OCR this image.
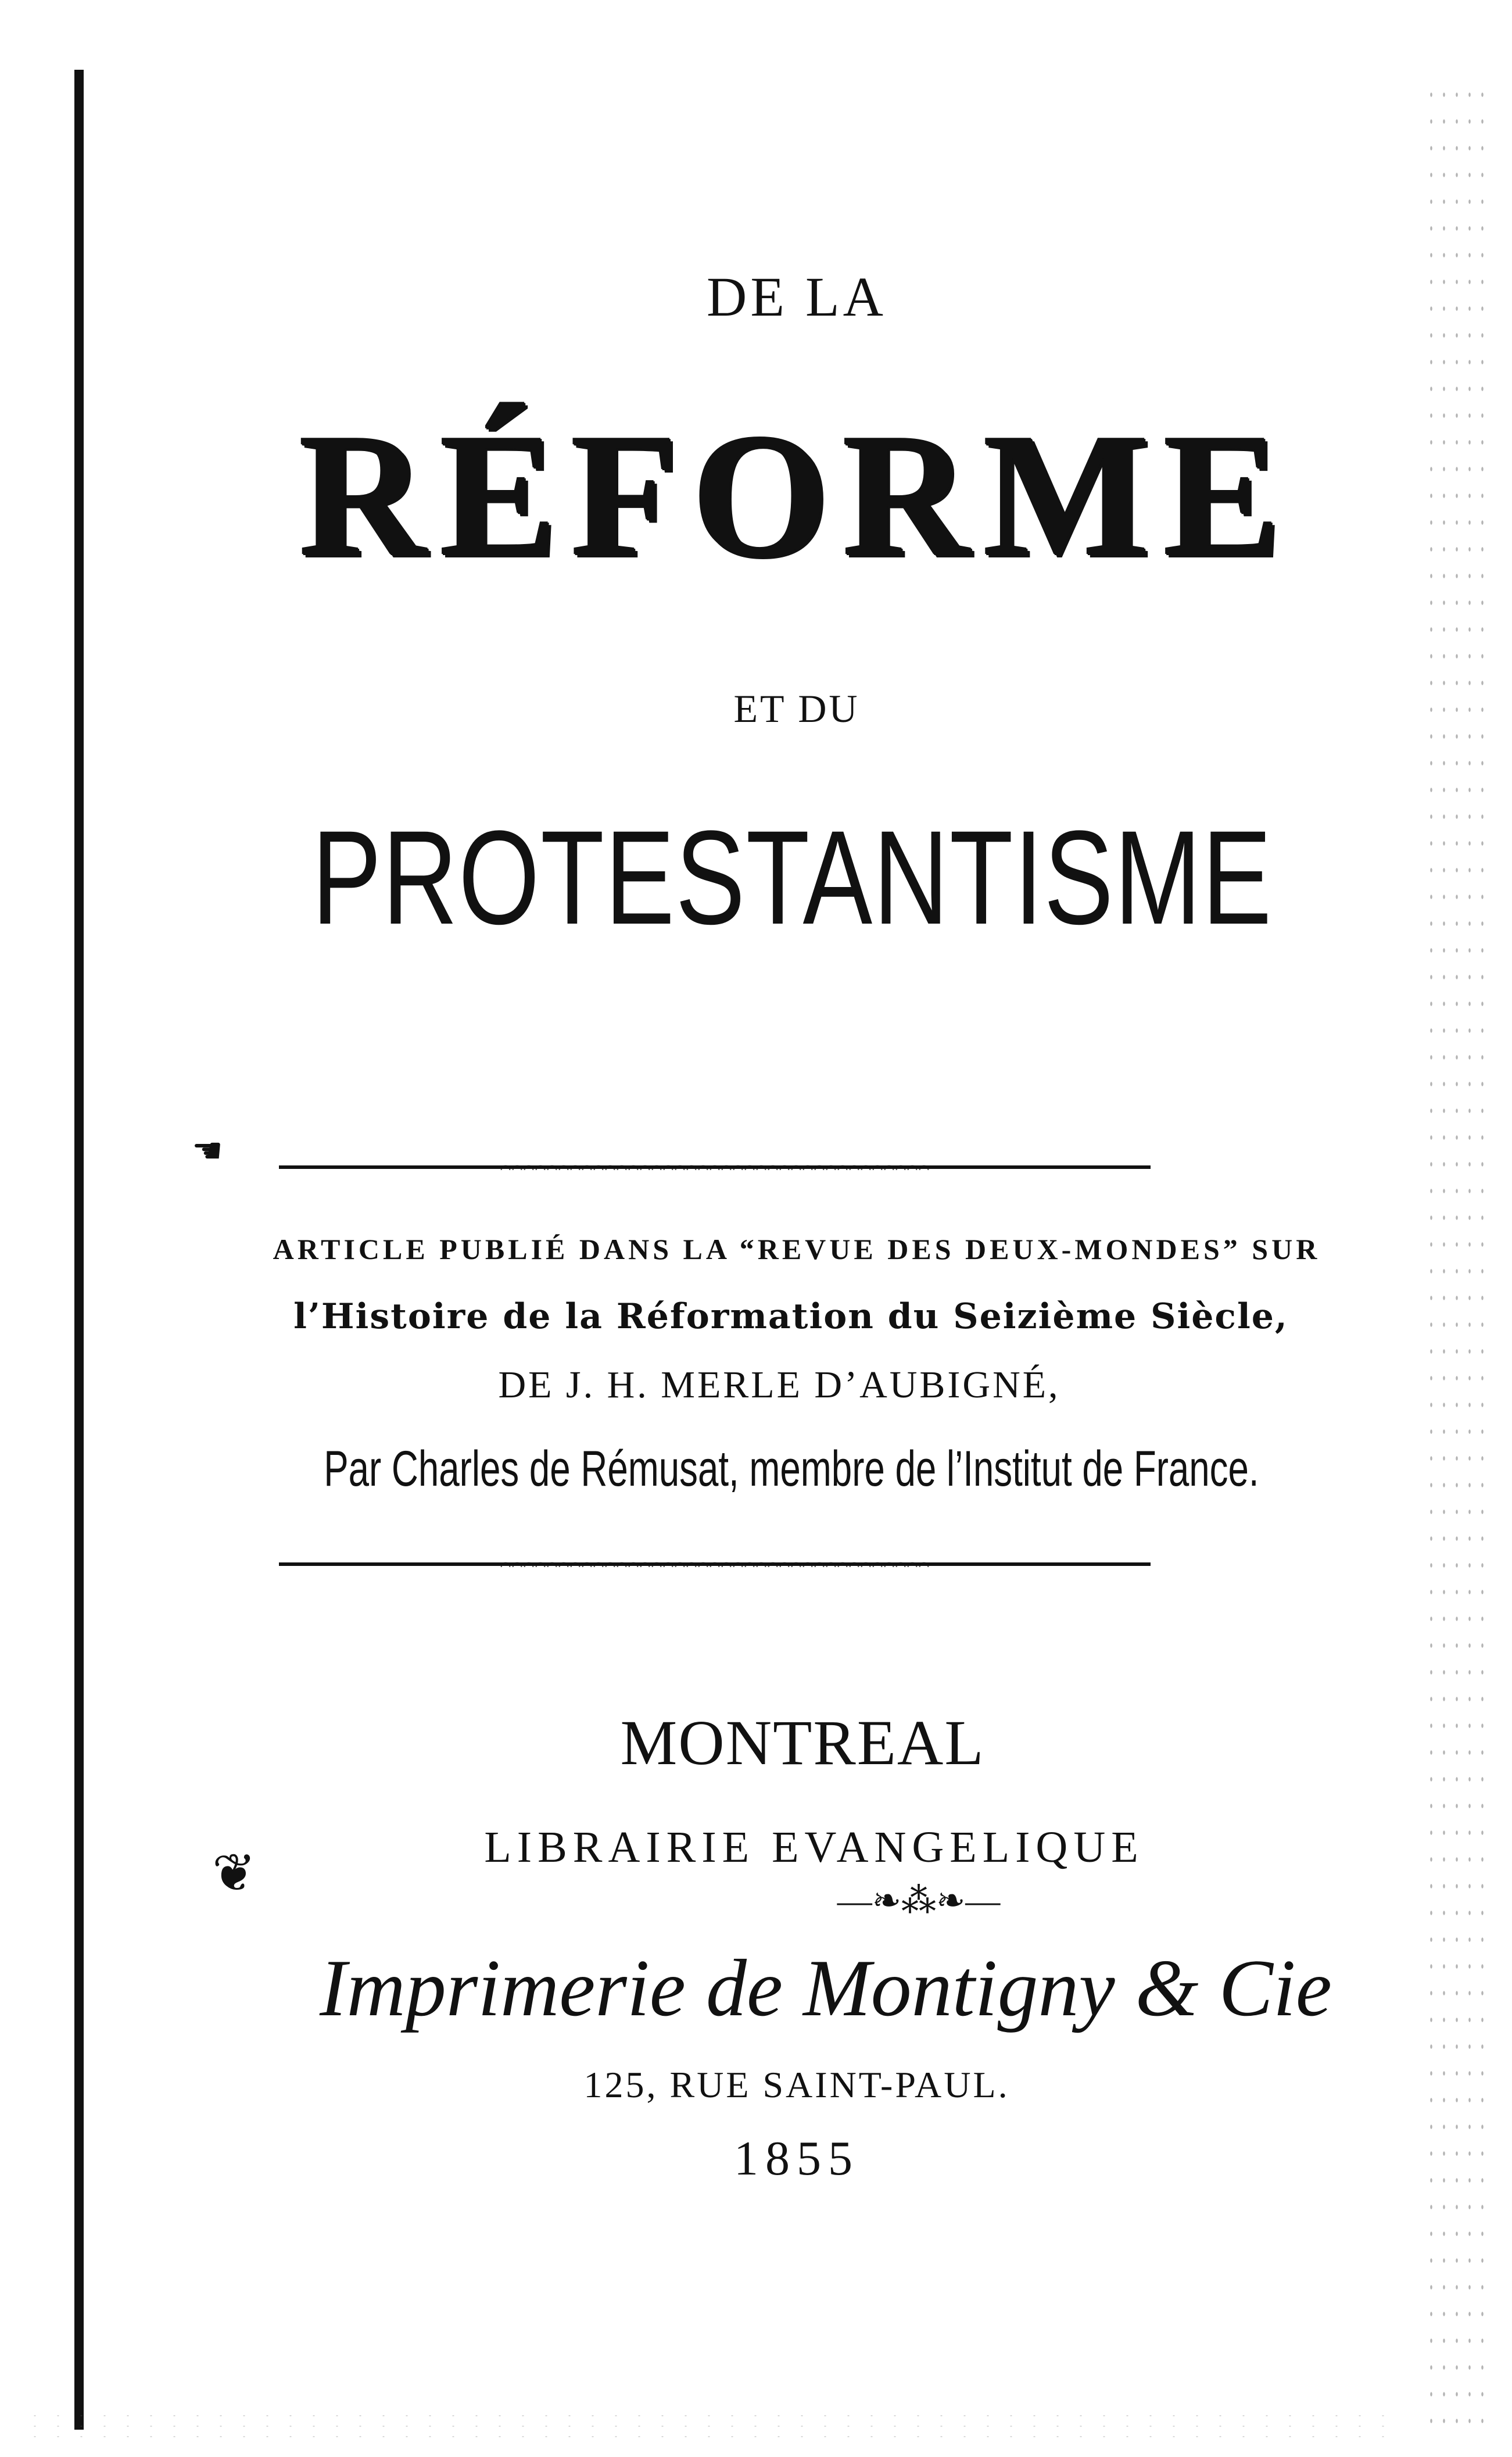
DE LA
RÉFORME
ET DU
PROTESTANTISME
☚
ARTICLE PUBLIÉ DANS LA “REVUE DES DEUX-MONDES” SUR
l’Histoire de la Réformation du Seizième Siècle,
DE J. H. MERLE D’AUBIGNÉ,
Par Charles de Rémusat, membre de l’Institut de France.
MONTREAL
❦	LIBRAIRIE EVANGELIQUE
—❧⁂❧—
Imprimerie de Montigny & Cie
125, RUE SAINT-PAUL.
1855
